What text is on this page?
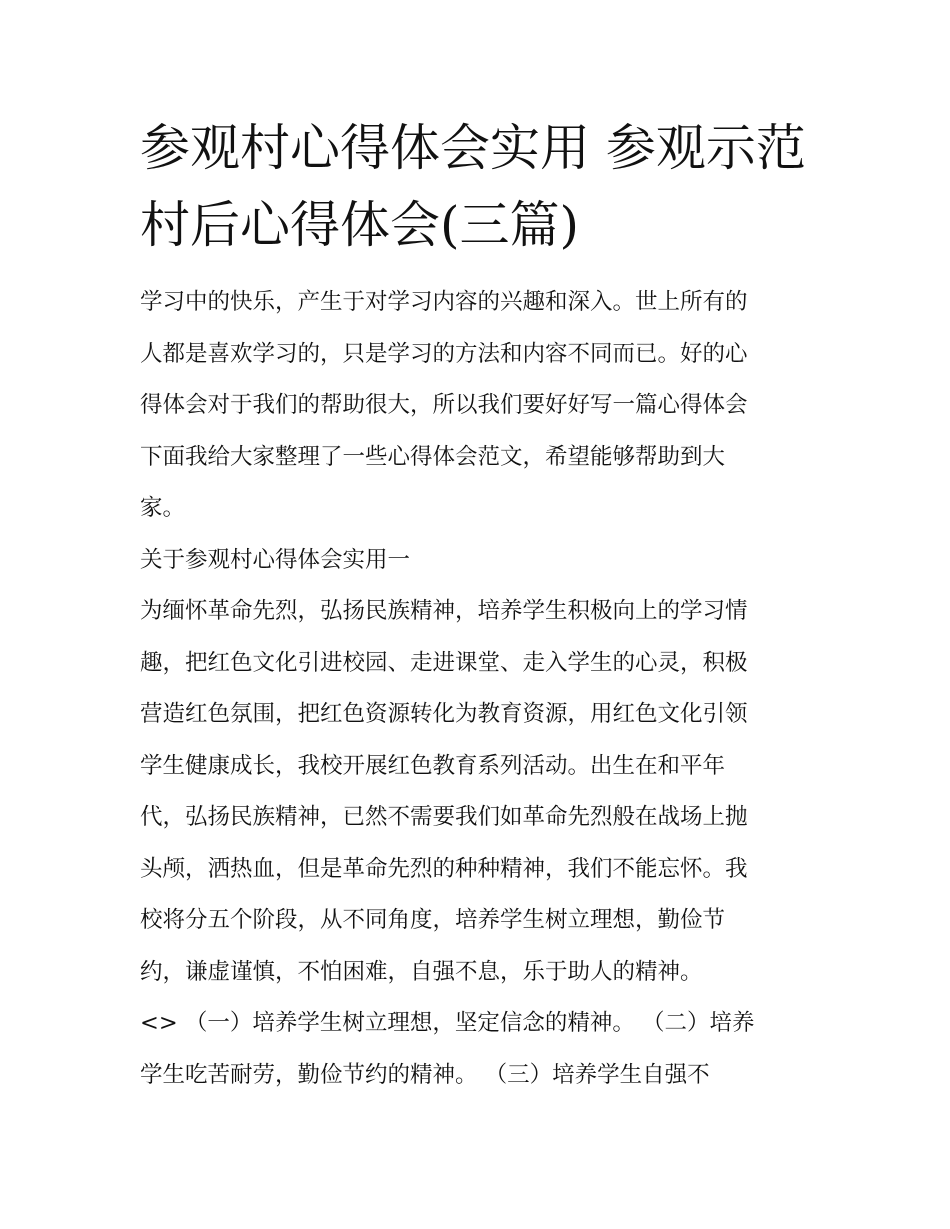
参观村心得体会实用 参观示范
村后心得体会(三篇)
学习中的快乐，产生于对学习内容的兴趣和深入。世上所有的
人都是喜欢学习的，只是学习的方法和内容不同而已。好的心
得体会对于我们的帮助很大，所以我们要好好写一篇心得体会
下面我给大家整理了一些心得体会范文，希望能够帮助到大
家。
关于参观村心得体会实用一
为缅怀革命先烈，弘扬民族精神，培养学生积极向上的学习情
趣，把红色文化引进校园、走进课堂、走入学生的心灵，积极
营造红色氛围，把红色资源转化为教育资源，用红色文化引领
学生健康成长，我校开展红色教育系列活动。出生在和平年
代，弘扬民族精神，已然不需要我们如革命先烈般在战场上抛
头颅，洒热血，但是革命先烈的种种精神，我们不能忘怀。我
校将分五个阶段，从不同角度，培养学生树立理想，勤俭节
约，谦虚谨慎，不怕困难，自强不息，乐于助人的精神。
<> （一）培养学生树立理想，坚定信念的精神。 （二）培养
学生吃苦耐劳，勤俭节约的精神。 （三）培养学生自强不
